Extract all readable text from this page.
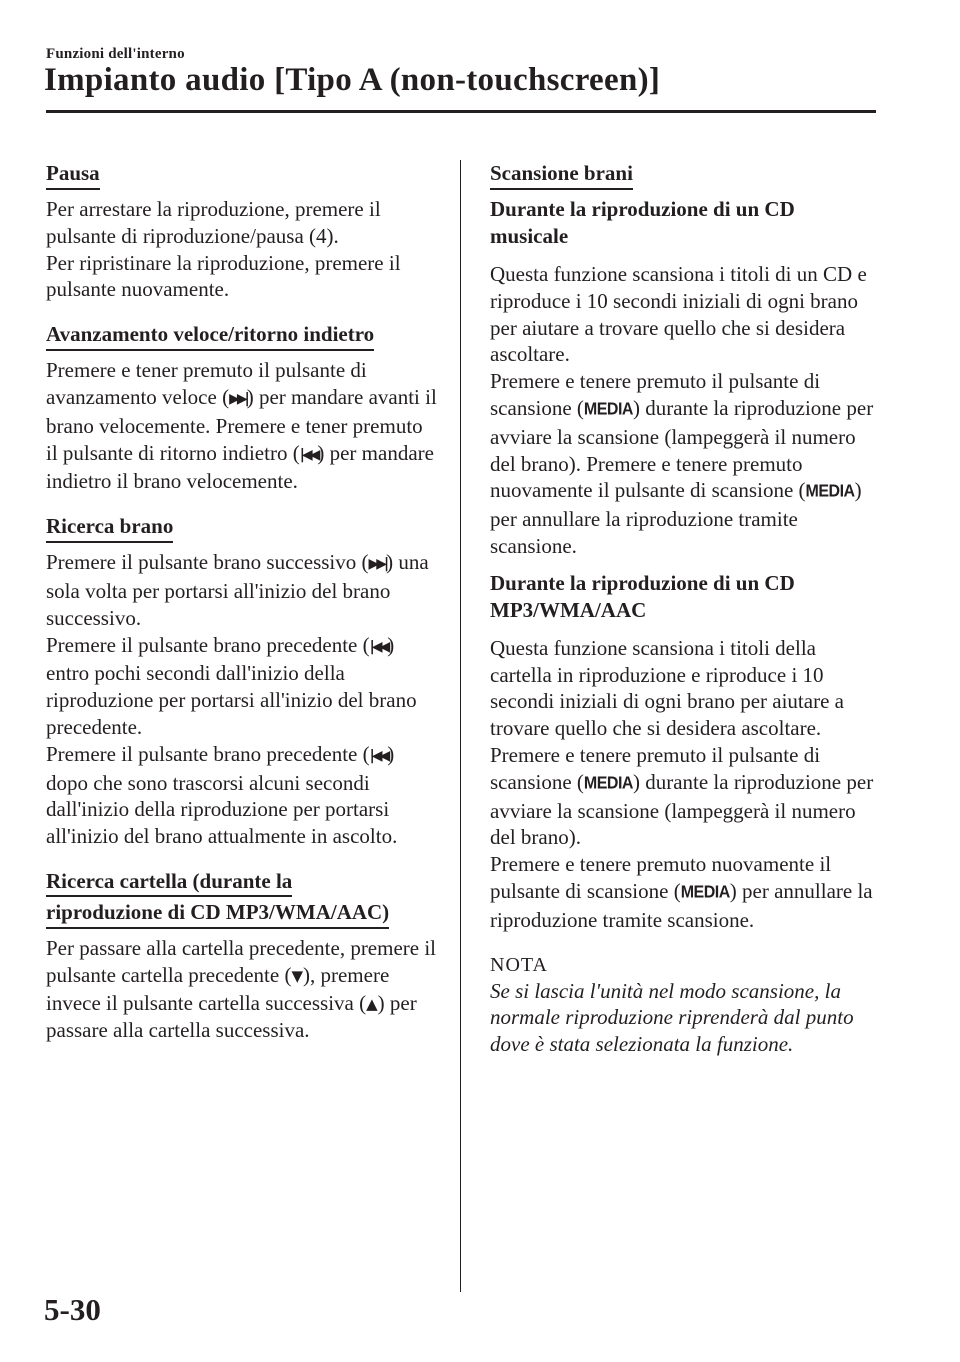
Funzioni dell'interno
Impianto audio [Tipo A (non-touchscreen)]
Pausa

Per arrestare la riproduzione, premere il pulsante di riproduzione/pausa (4).
Per ripristinare la riproduzione, premere il pulsante nuovamente.

Avanzamento veloce/ritorno indietro

Premere e tener premuto il pulsante di avanzamento veloce (▶▶|) per mandare avanti il brano velocemente. Premere e tener premuto il pulsante di ritorno indietro (|◀◀) per mandare indietro il brano velocemente.

Ricerca brano

Premere il pulsante brano successivo (▶▶|) una sola volta per portarsi all'inizio del brano successivo.
Premere il pulsante brano precedente (|◀◀) entro pochi secondi dall'inizio della riproduzione per portarsi all'inizio del brano precedente.
Premere il pulsante brano precedente (|◀◀) dopo che sono trascorsi alcuni secondi dall'inizio della riproduzione per portarsi all'inizio del brano attualmente in ascolto.

Ricerca cartella (durante la
riproduzione di CD MP3/WMA/AAC)

Per passare alla cartella precedente, premere il pulsante cartella precedente (▼), premere invece il pulsante cartella successiva (▲) per passare alla cartella successiva.

Scansione brani
Durante la riproduzione di un CD
musicale

Questa funzione scansiona i titoli di un CD e riproduce i 10 secondi iniziali di ogni brano per aiutare a trovare quello che si desidera ascoltare.
Premere e tenere premuto il pulsante di scansione (MEDIA) durante la riproduzione per avviare la scansione (lampeggerà il numero del brano). Premere e tenere premuto nuovamente il pulsante di scansione (MEDIA) per annullare la riproduzione tramite scansione.

Durante la riproduzione di un CD
MP3/WMA/AAC

Questa funzione scansiona i titoli della cartella in riproduzione e riproduce i 10 secondi iniziali di ogni brano per aiutare a trovare quello che si desidera ascoltare.
Premere e tenere premuto il pulsante di scansione (MEDIA) durante la riproduzione per avviare la scansione (lampeggerà il numero del brano).
Premere e tenere premuto nuovamente il pulsante di scansione (MEDIA) per annullare la riproduzione tramite scansione.

NOTA
Se si lascia l'unità nel modo scansione, la normale riproduzione riprenderà dal punto dove è stata selezionata la funzione.
5-30
